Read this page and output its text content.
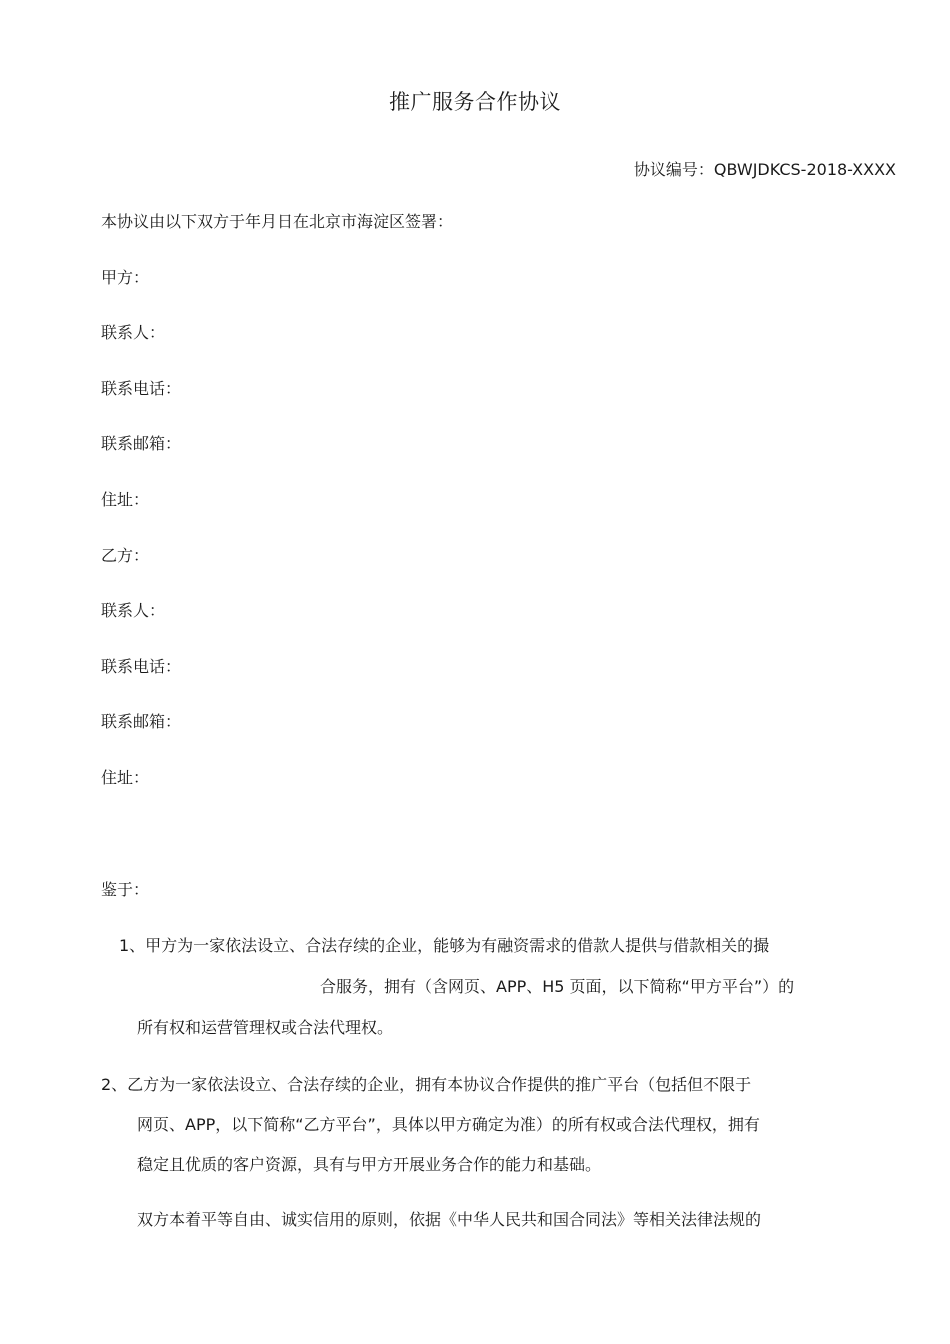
推广服务合作协议
协议编号：QBWJDKCS-2018-XXXX
本协议由以下双方于年月日在北京市海淀区签署：
甲方：
联系人：
联系电话：
联系邮箱：
住址：
乙方：
联系人：
联系电话：
联系邮箱：
住址：
鉴于：
1、甲方为一家依法设立、合法存续的企业，能够为有融资需求的借款人提供与借款相关的撮
合服务，拥有（含网页、APP、H5 页面，以下简称“甲方平台”）的
所有权和运营管理权或合法代理权。
2、乙方为一家依法设立、合法存续的企业，拥有本协议合作提供的推广平台（包括但不限于
网页、APP，以下简称“乙方平台”，具体以甲方确定为准）的所有权或合法代理权，拥有
稳定且优质的客户资源，具有与甲方开展业务合作的能力和基础。
双方本着平等自由、诚实信用的原则，依据《中华人民共和国合同法》等相关法律法规的
